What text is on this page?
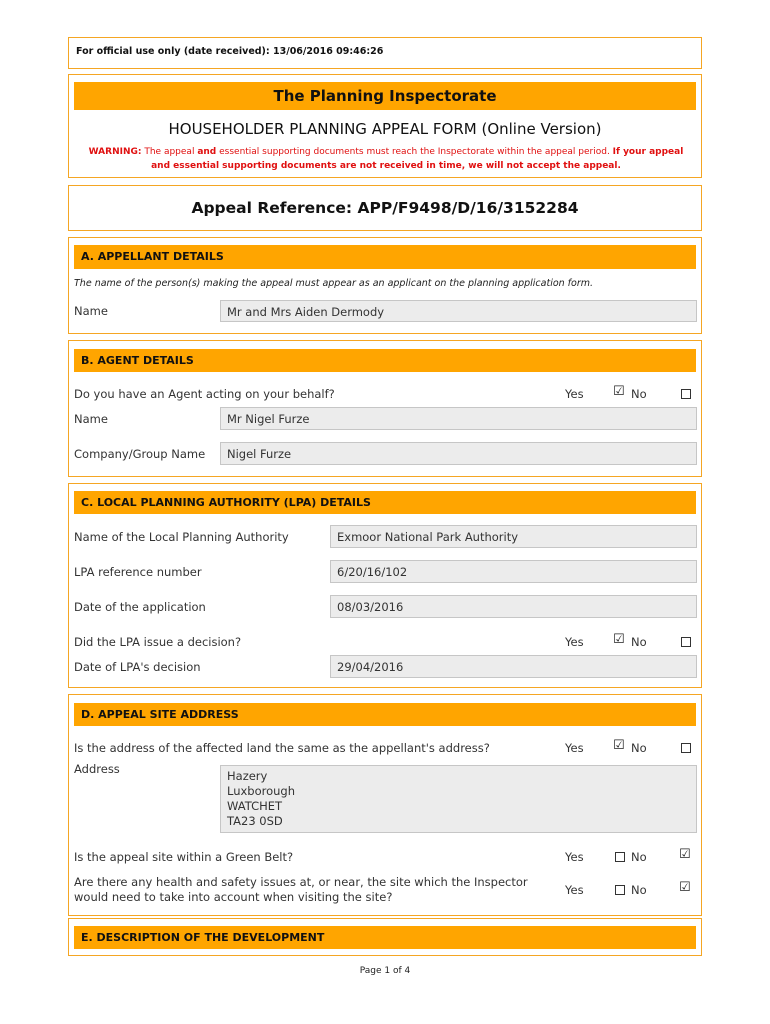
For official use only (date received): 13/06/2016 09:46:26
The Planning Inspectorate
HOUSEHOLDER PLANNING APPEAL FORM (Online Version)
WARNING: The appeal and essential supporting documents must reach the Inspectorate within the appeal period. If your appeal and essential supporting documents are not received in time, we will not accept the appeal.
Appeal Reference: APP/F9498/D/16/3152284
A. APPELLANT DETAILS
The name of the person(s) making the appeal must appear as an applicant on the planning application form.
Name	Mr and Mrs Aiden Dermody
B. AGENT DETAILS
Do you have an Agent acting on your behalf?	Yes ☑ No
Name	Mr Nigel Furze
Company/Group Name	Nigel Furze
C. LOCAL PLANNING AUTHORITY (LPA) DETAILS
Name of the Local Planning Authority	Exmoor National Park Authority
LPA reference number	6/20/16/102
Date of the application	08/03/2016
Did the LPA issue a decision?	Yes ☑ No
Date of LPA's decision	29/04/2016
D. APPEAL SITE ADDRESS
Is the address of the affected land the same as the appellant's address?	Yes ☑ No
Address	Hazery
Luxborough
WATCHET
TA23 0SD
Is the appeal site within a Green Belt?	Yes	No ☑
Are there any health and safety issues at, or near, the site which the Inspector
would need to take into account when visiting the site?	Yes	No ☑
E. DESCRIPTION OF THE DEVELOPMENT
Page 1 of 4
